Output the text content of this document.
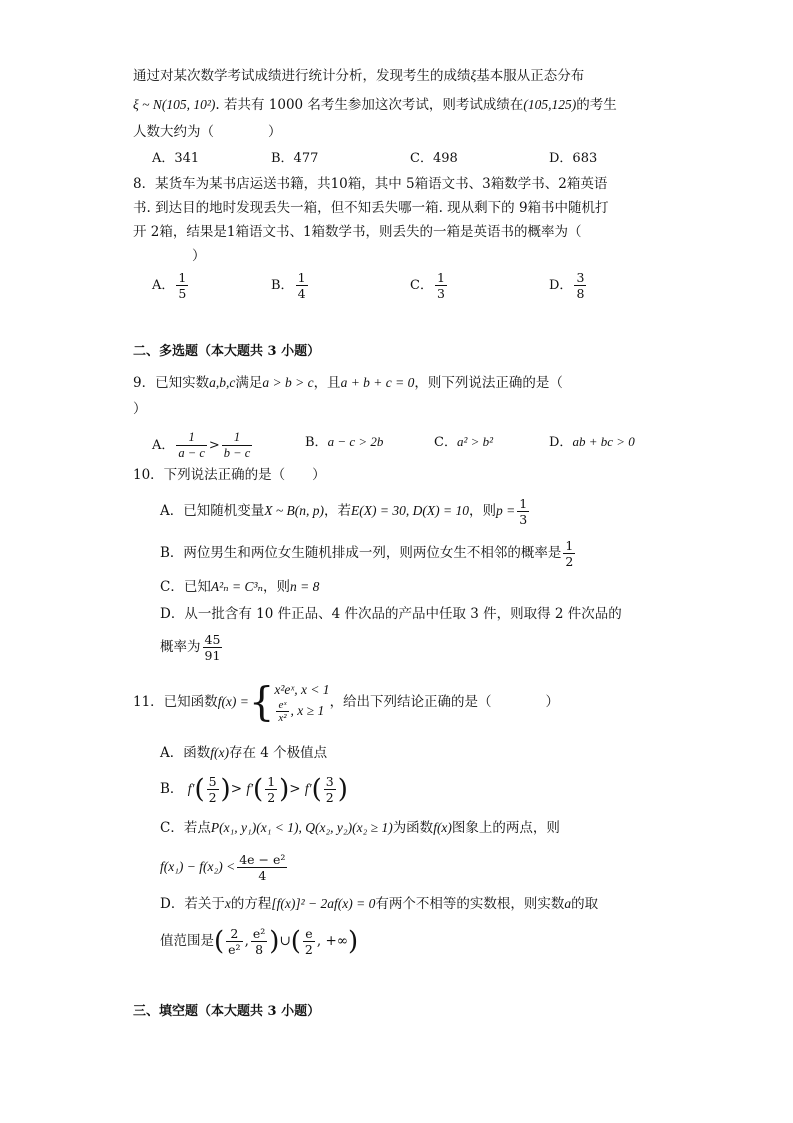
通过对某次数学考试成绩进行统计分析，发现考生的成绩ξ基本服从正态分布
ξ ~ N(105, 10²). 若共有 1000 名考生参加这次考试，则考试成绩在(105,125)的考生
人数大约为（　　　　）
A．341	B．477	C．498	D．683
8．某货车为某书店运送书籍，共10箱，其中 5箱语文书、3箱数学书、2箱英语
书. 到达目的地时发现丢失一箱，但不知丢失哪一箱. 现从剩下的 9箱书中随机打
开 2箱，结果是1箱语文书、1箱数学书，则丢失的一箱是英语书的概率为（
）
A． $\frac{1}{5}$	B． $\frac{1}{4}$	C． $\frac{1}{3}$	D． $\frac{3}{8}$
二、多选题（本大题共 3 小题）
9．已知实数a,b,c满足a > b > c，且a + b + c = 0，则下列说法正确的是（
）
A． $\frac{1}{a - c} > \frac{1}{b - c}$	B．a − c > 2b	C．a² > b²	D．ab + bc > 0
10．下列说法正确的是（　　）
A．已知随机变量X ~ B(n, p)，若E(X) = 30, D(X) = 10，则$p = \frac{1}{3}$
B．两位男生和两位女生随机排成一列，则两位女生不相邻的概率是 $\frac{1}{2}$
C．已知A²ₙ = C³ₙ，则n = 8
D．从一批含有 10 件正品、4 件次品的产品中任取 3 件，则取得 2 件次品的
概率为 $\frac{45}{91}$
11．已知函数f(x) ={ x²eˣ, x < 1
$\frac{\text{eˣ}}{\text{x²}}$ , x ≥ 1
，给出下列结论正确的是（　　　　）
A．函数f(x)存在 4 个极值点
B． $f'( \frac{5}{2}$ )> $f'( \frac{1}{2}$ )> $f'( \frac{3}{2}$ )
C．若点P(x₁, y₁)(x₁ < 1), Q(x₂, y₂)(x₂ ≥ 1)为函数f(x)图象上的两点，则
$f(x_1) - f(x_2) < \frac{\text{4e − e²}}{4}$
D．若关于x的方程[f(x)]² − 2af(x) = 0有两个不相等的实数根，则实数a的取
值范围是( $\frac{2}{\text{e²}}$ , $\frac{\text{e²}}{8}$ )∪( $\frac{e}{2}$ , +∞)
三、填空题（本大题共 3 小题）
